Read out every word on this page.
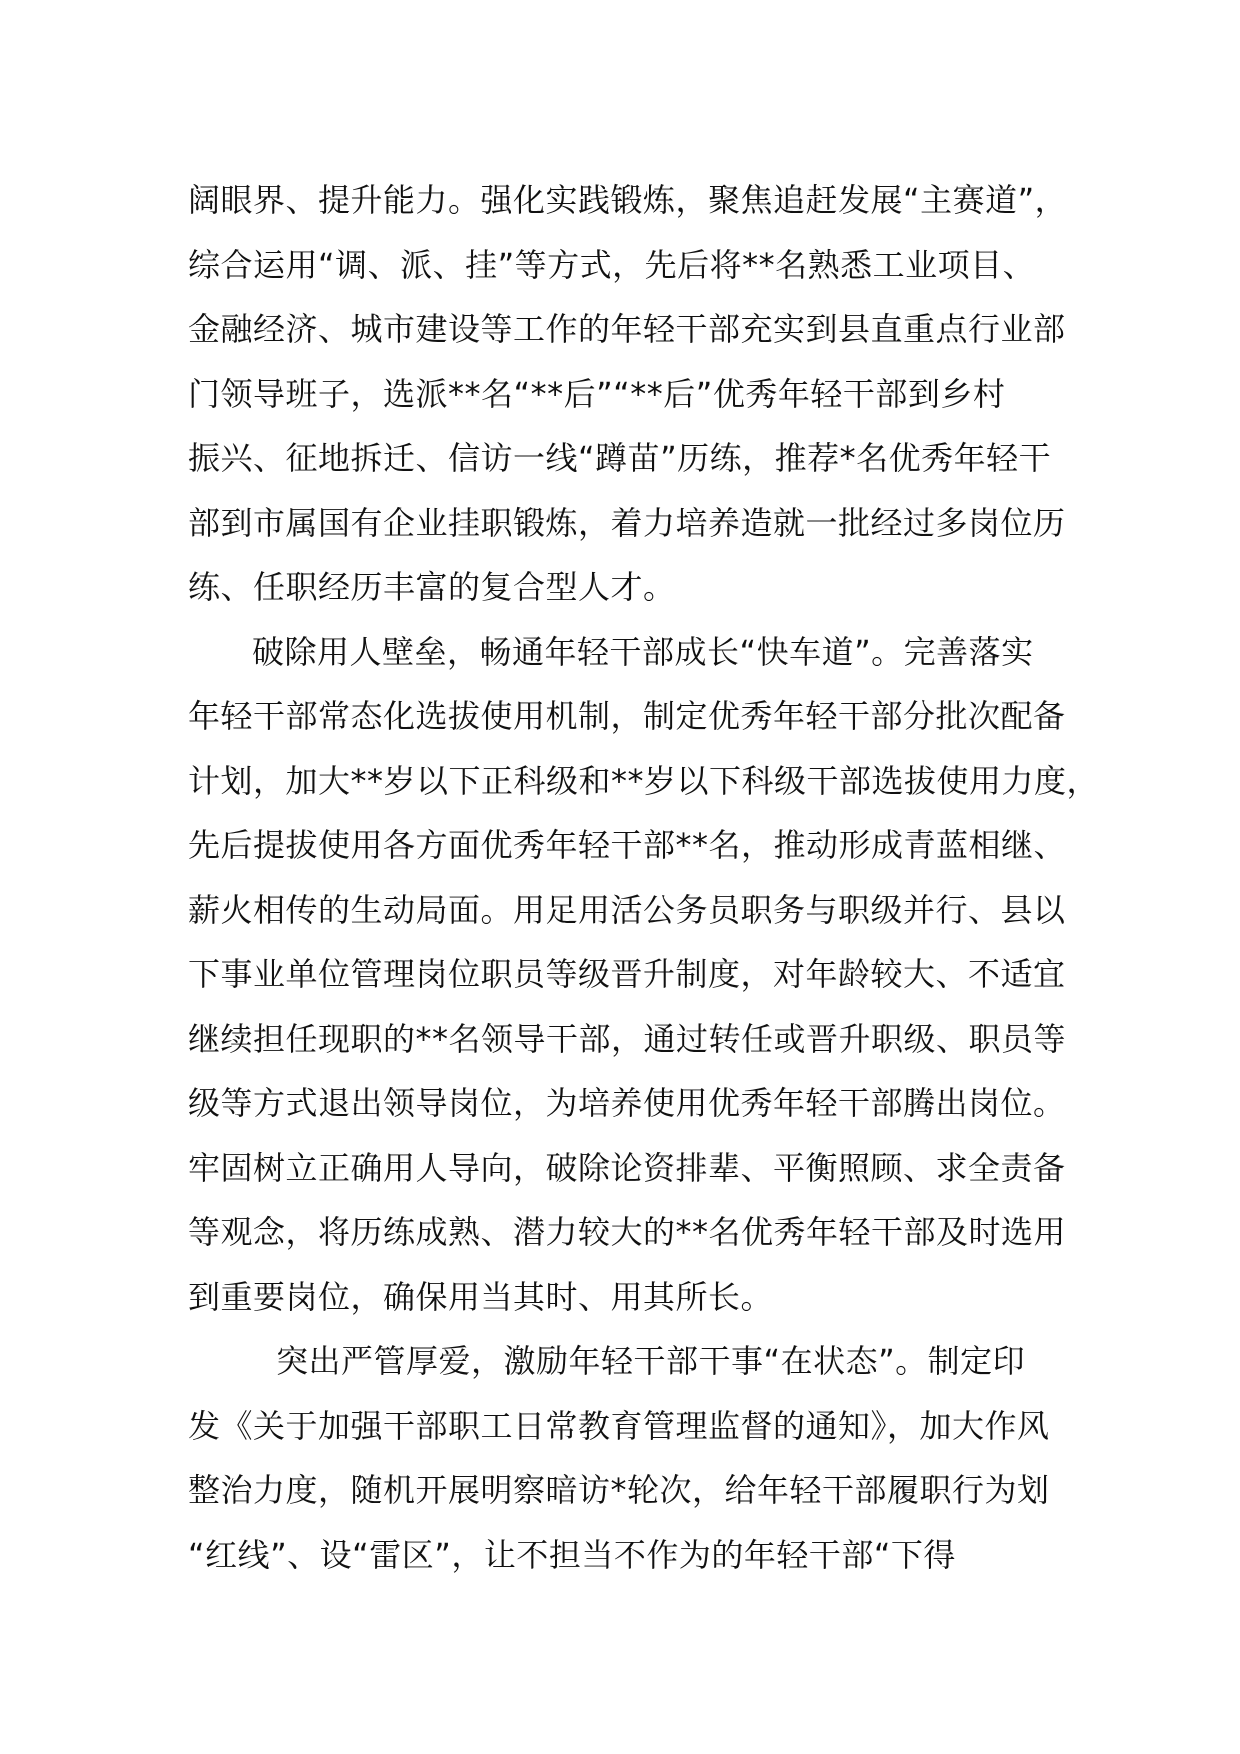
阔眼界、提升能力。强化实践锻炼，聚焦追赶发展“主赛道”，
综合运用“调、派、挂”等方式，先后将**名熟悉工业项目、
金融经济、城市建设等工作的年轻干部充实到县直重点行业部
门领导班子，选派**名“**后”“**后”优秀年轻干部到乡村
振兴、征地拆迁、信访一线“蹲苗”历练，推荐*名优秀年轻干
部到市属国有企业挂职锻炼，着力培养造就一批经过多岗位历
练、任职经历丰富的复合型人才。
破除用人壁垒，畅通年轻干部成长“快车道”。完善落实
年轻干部常态化选拔使用机制，制定优秀年轻干部分批次配备
计划，加大**岁以下正科级和**岁以下科级干部选拔使用力度，
先后提拔使用各方面优秀年轻干部**名，推动形成青蓝相继、
薪火相传的生动局面。用足用活公务员职务与职级并行、县以
下事业单位管理岗位职员等级晋升制度，对年龄较大、不适宜
继续担任现职的**名领导干部，通过转任或晋升职级、职员等
级等方式退出领导岗位，为培养使用优秀年轻干部腾出岗位。
牢固树立正确用人导向，破除论资排辈、平衡照顾、求全责备
等观念，将历练成熟、潜力较大的**名优秀年轻干部及时选用
到重要岗位，确保用当其时、用其所长。
突出严管厚爱，激励年轻干部干事“在状态”。制定印
发《关于加强干部职工日常教育管理监督的通知》，加大作风
整治力度，随机开展明察暗访*轮次，给年轻干部履职行为划
“红线”、设“雷区”，让不担当不作为的年轻干部“下得
